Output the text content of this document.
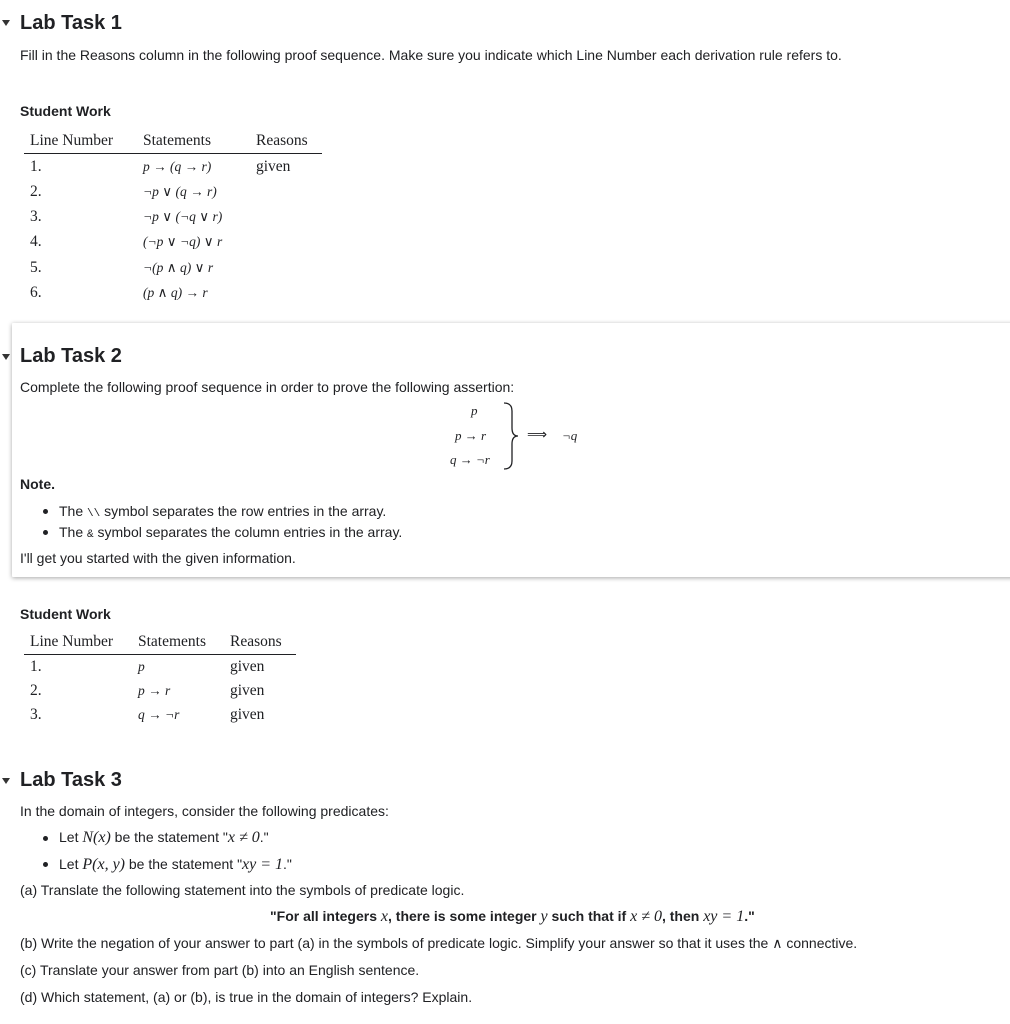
Lab Task 1
Fill in the Reasons column in the following proof sequence. Make sure you indicate which Line Number each derivation rule refers to.
Student Work
Line Number Statements	Reasons
1.	p → (q → r)	given
2.	¬p ∨ (q → r)
3.	¬p ∨ (¬q ∨ r)
4.	(¬p ∨ ¬q) ∨ r
5.	¬(p ∧ q) ∨ r
6.	(p ∧ q) → r
Lab Task 2
Complete the following proof sequence in order to prove the following assertion:
p
p → r
q → ¬r
⟹ ¬q
Note.
The \\ symbol separates the row entries in the array.
The & symbol separates the column entries in the array.
I'll get you started with the given information.
Student Work
Line Number Statements Reasons
1.	p	given
2.	p → r	given
3.	q → ¬r	given
Lab Task 3
In the domain of integers, consider the following predicates:
Let N(x) be the statement "x ≠ 0."
Let P(x, y) be the statement "xy = 1."
(a) Translate the following statement into the symbols of predicate logic.
"For all integers x, there is some integer y such that if x ≠ 0, then xy = 1."
(b) Write the negation of your answer to part (a) in the symbols of predicate logic. Simplify your answer so that it uses the ∧ connective.
(c) Translate your answer from part (b) into an English sentence.
(d) Which statement, (a) or (b), is true in the domain of integers? Explain.
